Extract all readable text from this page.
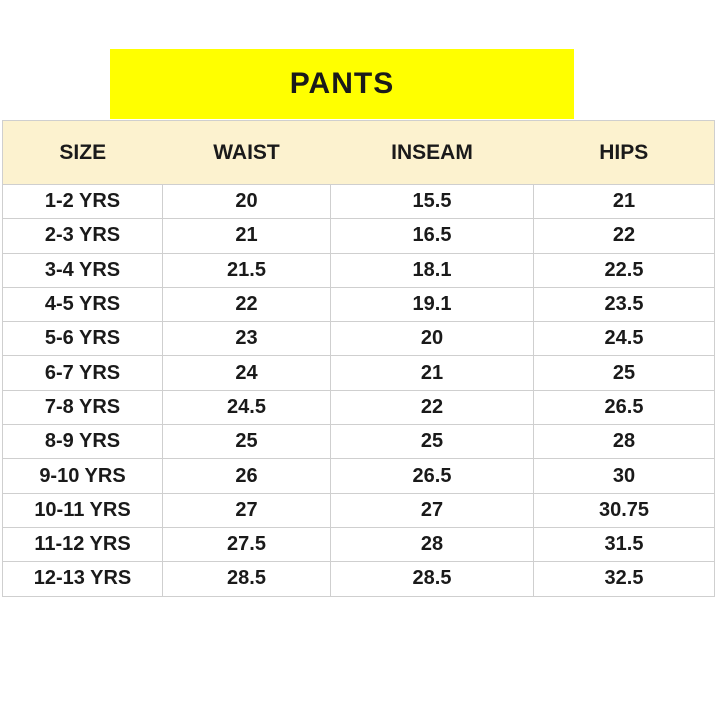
PANTS
SIZE	WAIST	INSEAM	HIPS
1-2 YRS	20	15.5	21
2-3 YRS	21	16.5	22
3-4 YRS	21.5	18.1	22.5
4-5 YRS	22	19.1	23.5
5-6 YRS	23	20	24.5
6-7 YRS	24	21	25
7-8 YRS	24.5	22	26.5
8-9 YRS	25	25	28
9-10 YRS	26	26.5	30
10-11 YRS	27	27	30.75
11-12 YRS	27.5	28	31.5
12-13 YRS	28.5	28.5	32.5
